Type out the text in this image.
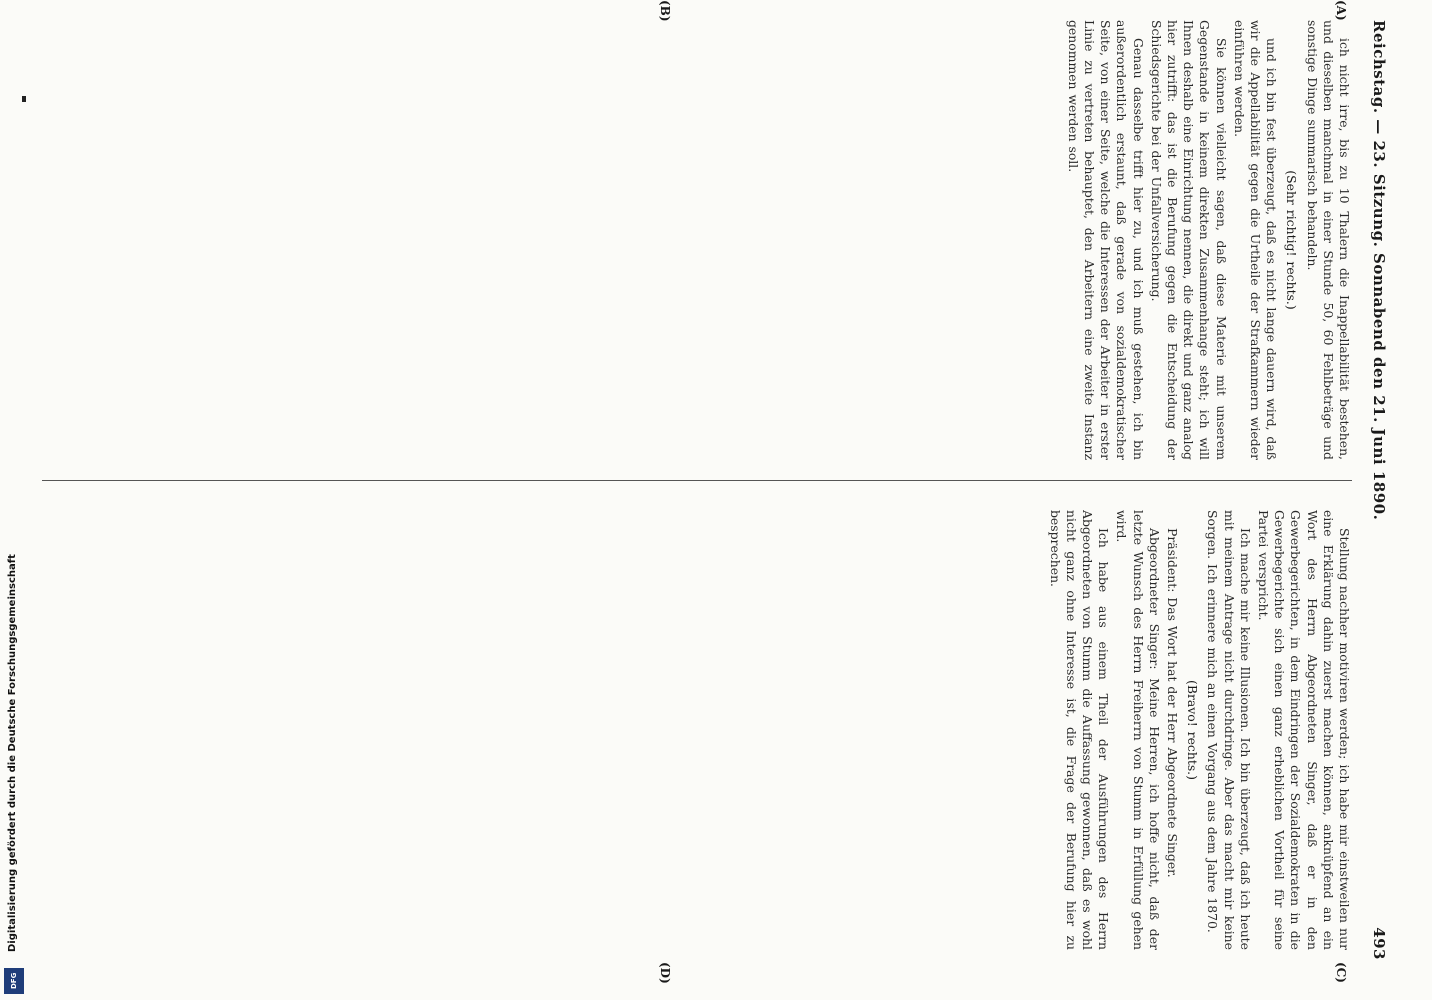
Digitalisierung gefördert durch die Deutsche Forschungsgemeinschaft
DFG
Reichstag. — 23. Sitzung. Sonnabend den 21. Juni 1890.
493
(A)
(B)
(C)
(D)

ich nicht irre, bis zu 10 Thalern die Inappellabilität bestehen, und dieselben manchmal in einer Stunde 50, 60 Fehlbeträge und sonstige Dinge summarisch behandeln.

(Sehr richtig! rechts.)

und ich bin fest überzeugt, daß es nicht lange dauern wird, daß wir die Appellabilität gegen die Urtheile der Strafkammern wieder einführen werden.

Sie können vielleicht sagen, daß diese Materie mit unserem Gegenstande in keinem direkten Zusammenhange steht; ich will Ihnen deshalb eine Einrichtung nennen, die direkt und ganz analog hier zutrifft: das ist die Berufung gegen die Entscheidung der Schiedsgerichte bei der Unfallversicherung.

Genau dasselbe trifft hier zu, und ich muß gestehen, ich bin außerordentlich erstaunt, daß gerade von sozialdemokratischer Seite, von einer Seite, welche die Interessen der Arbeiter in erster Linie zu vertreten behauptet, den Arbeitern eine zweite Instanz genommen werden soll.

Stellung nachher motiviren werden; ich habe mir einstweilen nur eine Erklärung dahin zuerst machen können, anknüpfend an ein Wort des Herrn Abgeordneten Singer, daß er in den Gewerbegerichten, in dem Eindringen der Sozialdemokraten in die Gewerbegerichte sich einen ganz erheblichen Vortheil für seine Partei verspricht.

Ich mache mir keine Illusionen. Ich bin überzeugt, daß ich heute mit meinem Antrage nicht durchdringe. Aber das macht mir keine Sorgen. Ich erinnere mich an einen Vorgang aus dem Jahre 1870.

(Bravo! rechts.)

Präsident: Das Wort hat der Herr Abgeordnete Singer.

Abgeordneter Singer: Meine Herren, ich hoffe nicht, daß der letzte Wunsch des Herrn Freiherrn von Stumm in Erfüllung gehen wird.

Ich habe aus einem Theil der Ausführungen des Herrn Abgeordneten von Stumm die Auffassung gewonnen, daß es wohl nicht ganz ohne Interesse ist, die Frage der Berufung hier zu besprechen.
